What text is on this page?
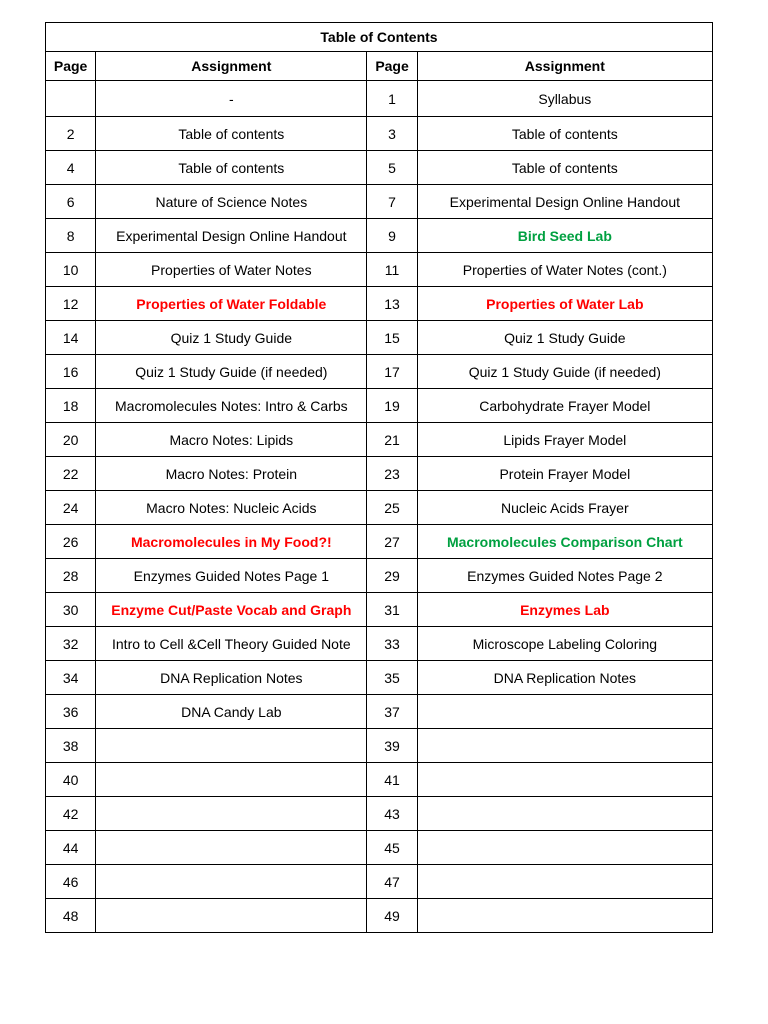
Table of Contents			
Page	Assignment	Page	Assignment
	-	1	Syllabus
2	Table of contents	3	Table of contents
4	Table of contents	5	Table of contents
6	Nature of Science Notes	7	Experimental Design Online Handout
8	Experimental Design Online Handout	9	Bird Seed Lab
10	Properties of Water Notes	11	Properties of Water Notes (cont.)
12	Properties of Water Foldable	13	Properties of Water Lab
14	Quiz 1 Study Guide	15	Quiz 1 Study Guide
16	Quiz 1 Study Guide (if needed)	17	Quiz 1 Study Guide (if needed)
18	Macromolecules Notes: Intro & Carbs	19	Carbohydrate Frayer Model
20	Macro Notes: Lipids	21	Lipids Frayer Model
22	Macro Notes: Protein	23	Protein Frayer Model
24	Macro Notes: Nucleic Acids	25	Nucleic Acids Frayer
26	Macromolecules in My Food?!	27	Macromolecules Comparison Chart
28	Enzymes Guided Notes Page 1	29	Enzymes Guided Notes Page 2
30	Enzyme Cut/Paste Vocab and Graph	31	Enzymes Lab
32	Intro to Cell &Cell Theory Guided Note	33	Microscope Labeling Coloring
34	DNA Replication Notes	35	DNA Replication Notes
36	DNA Candy Lab	37	
38		39	
40		41	
42		43	
44		45	
46		47	
48		49	
